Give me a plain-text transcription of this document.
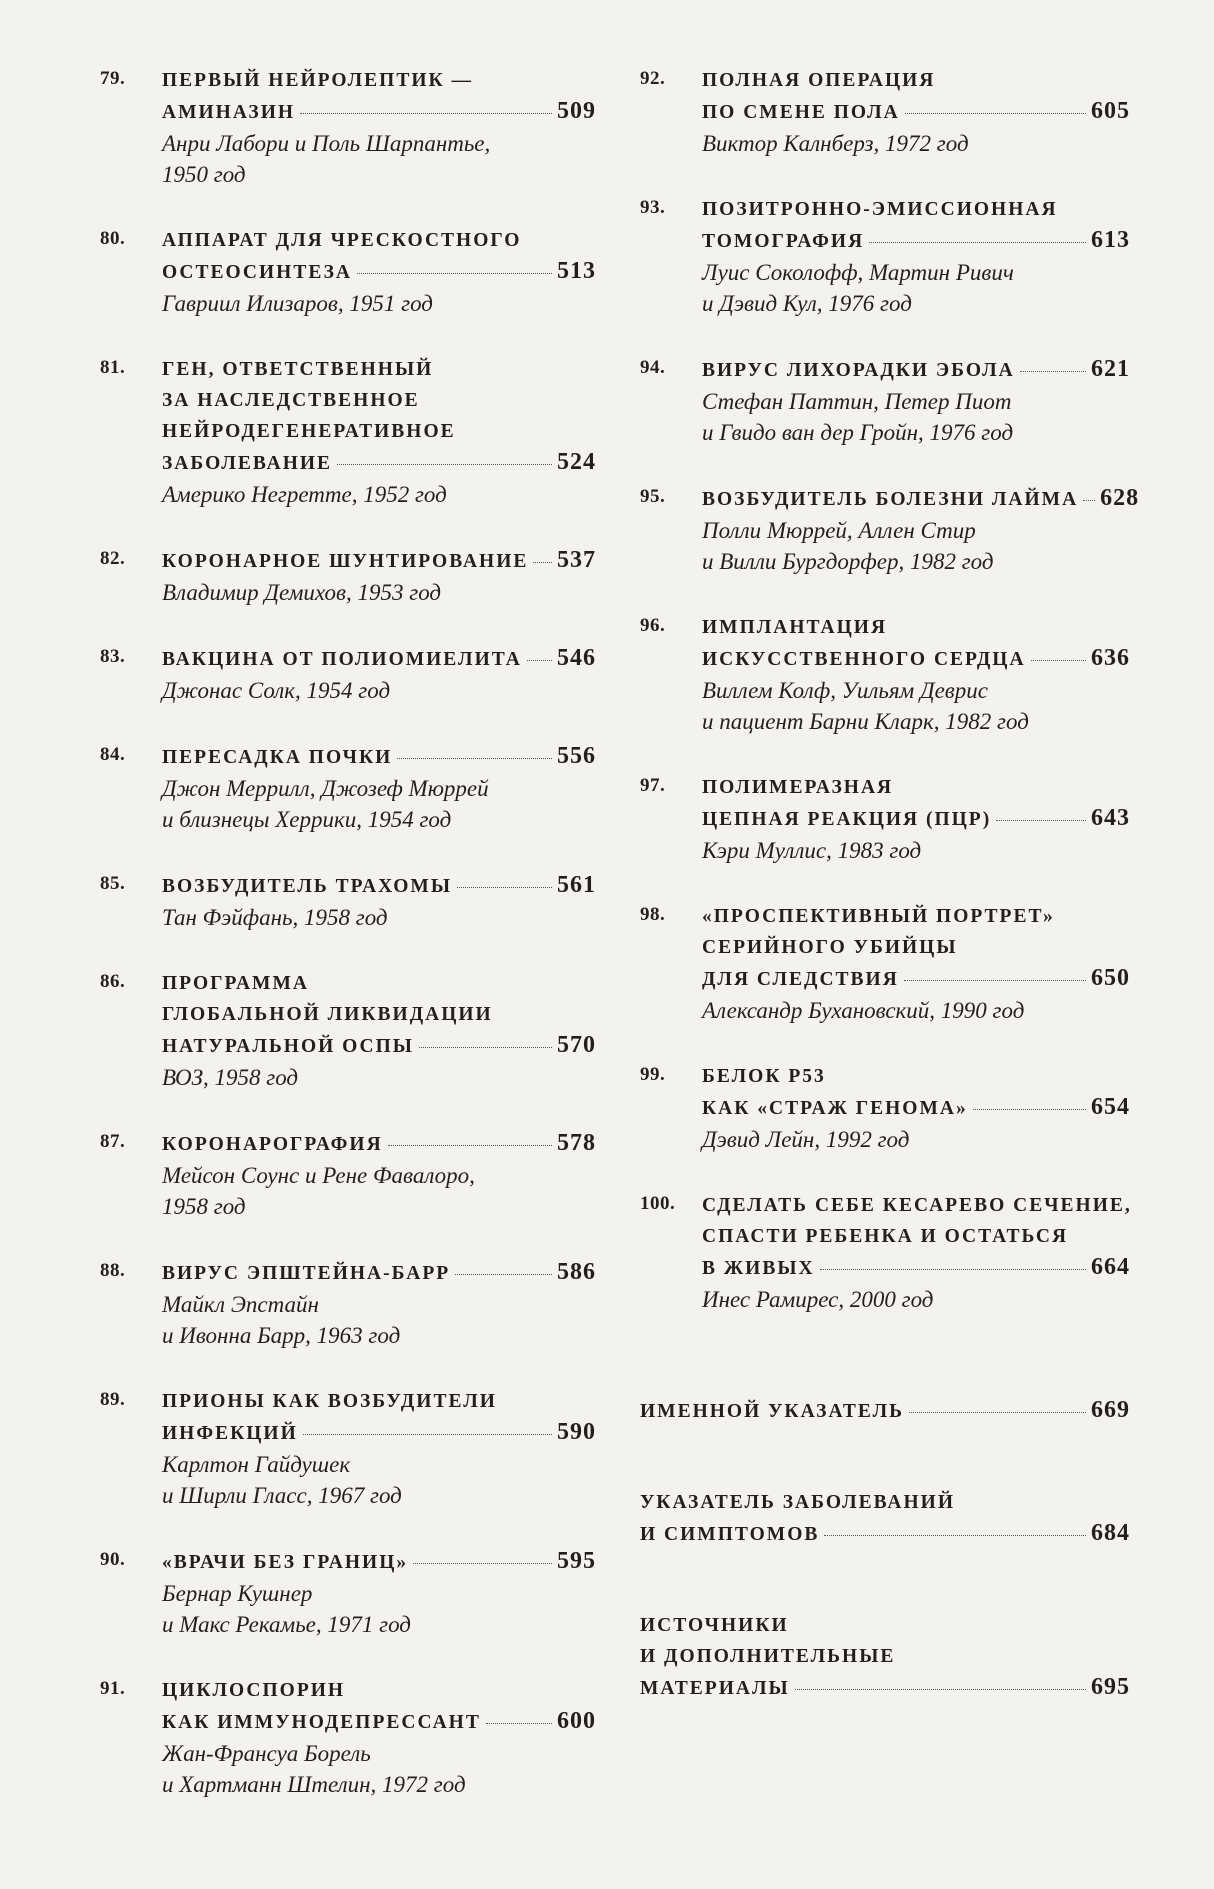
79.	ПЕРВЫЙ НЕЙРОЛЕПТИК —
АМИНАЗИН	509
Анри Лабори и Поль Шарпантье,
1950 год
80.	АППАРАТ ДЛЯ ЧРЕСКОСТНОГО
ОСТЕОСИНТЕЗА	513
Гавриил Илизаров, 1951 год
81.	ГЕН, ОТВЕТСТВЕННЫЙ
ЗА НАСЛЕДСТВЕННОЕ
НЕЙРОДЕГЕНЕРАТИВНОЕ
ЗАБОЛЕВАНИЕ	524
Америко Негретте, 1952 год
82.	КОРОНАРНОЕ ШУНТИРОВАНИЕ 537
Владимир Демихов, 1953 год
83.	ВАКЦИНА ОТ ПОЛИОМИЕЛИТА 546
Джонас Солк, 1954 год
84.	ПЕРЕСАДКА ПОЧКИ	556
Джон Меррилл, Джозеф Мюррей
и близнецы Херрики, 1954 год
85.	ВОЗБУДИТЕЛЬ ТРАХОМЫ	561
Тан Фэйфань, 1958 год
86.	ПРОГРАММА
ГЛОБАЛЬНОЙ ЛИКВИДАЦИИ
НАТУРАЛЬНОЙ ОСПЫ	570
ВОЗ, 1958 год
87.	КОРОНАРОГРАФИЯ	578
Мейсон Соунс и Рене Фавалоро,
1958 год
88.	ВИРУС ЭПШТЕЙНА-БАРР	586
Майкл Эпстайн
и Ивонна Барр, 1963 год
89.	ПРИОНЫ КАК ВОЗБУДИТЕЛИ
ИНФЕКЦИЙ	590
Карлтон Гайдушек
и Ширли Гласс, 1967 год
90.	«ВРАЧИ БЕЗ ГРАНИЦ»	595
Бернар Кушнер
и Макс Рекамье, 1971 год
91.	ЦИКЛОСПОРИН
КАК ИММУНОДЕПРЕССАНТ	600
Жан-Франсуа Борель
и Хартманн Штелин, 1972 год
92.	ПОЛНАЯ ОПЕРАЦИЯ
ПО СМЕНЕ ПОЛА	605
Виктор Калнберз, 1972 год
93.	ПОЗИТРОННО-ЭМИССИОННАЯ
ТОМОГРАФИЯ	613
Луис Соколофф, Мартин Ривич
и Дэвид Кул, 1976 год
94.	ВИРУС ЛИХОРАДКИ ЭБОЛА	621
Стефан Паттин, Петер Пиот
и Гвидо ван дер Гройн, 1976 год
95.	ВОЗБУДИТЕЛЬ БОЛЕЗНИ ЛАЙМА 628
Полли Мюррей, Аллен Стир
и Вилли Бургдорфер, 1982 год
96.	ИМПЛАНТАЦИЯ
ИСКУССТВЕННОГО СЕРДЦА	636
Виллем Колф, Уильям Деврис
и пациент Барни Кларк, 1982 год
97.	ПОЛИМЕРАЗНАЯ
ЦЕПНАЯ РЕАКЦИЯ (ПЦР)	643
Кэри Муллис, 1983 год
98.	«ПРОСПЕКТИВНЫЙ ПОРТРЕТ»
СЕРИЙНОГО УБИЙЦЫ
ДЛЯ СЛЕДСТВИЯ	650
Александр Бухановский, 1990 год
99.	БЕЛОК P53
КАК «СТРАЖ ГЕНОМА»	654
Дэвид Лейн, 1992 год
100.	СДЕЛАТЬ СЕБЕ КЕСАРЕВО СЕЧЕНИЕ,
СПАСТИ РЕБЕНКА И ОСТАТЬСЯ
В ЖИВЫХ	664
Инес Рамирес, 2000 год
ИМЕННОЙ УКАЗАТЕЛЬ	669
УКАЗАТЕЛЬ ЗАБОЛЕВАНИЙ
И СИМПТОМОВ	684
ИСТОЧНИКИ
И ДОПОЛНИТЕЛЬНЫЕ
МАТЕРИАЛЫ	695
